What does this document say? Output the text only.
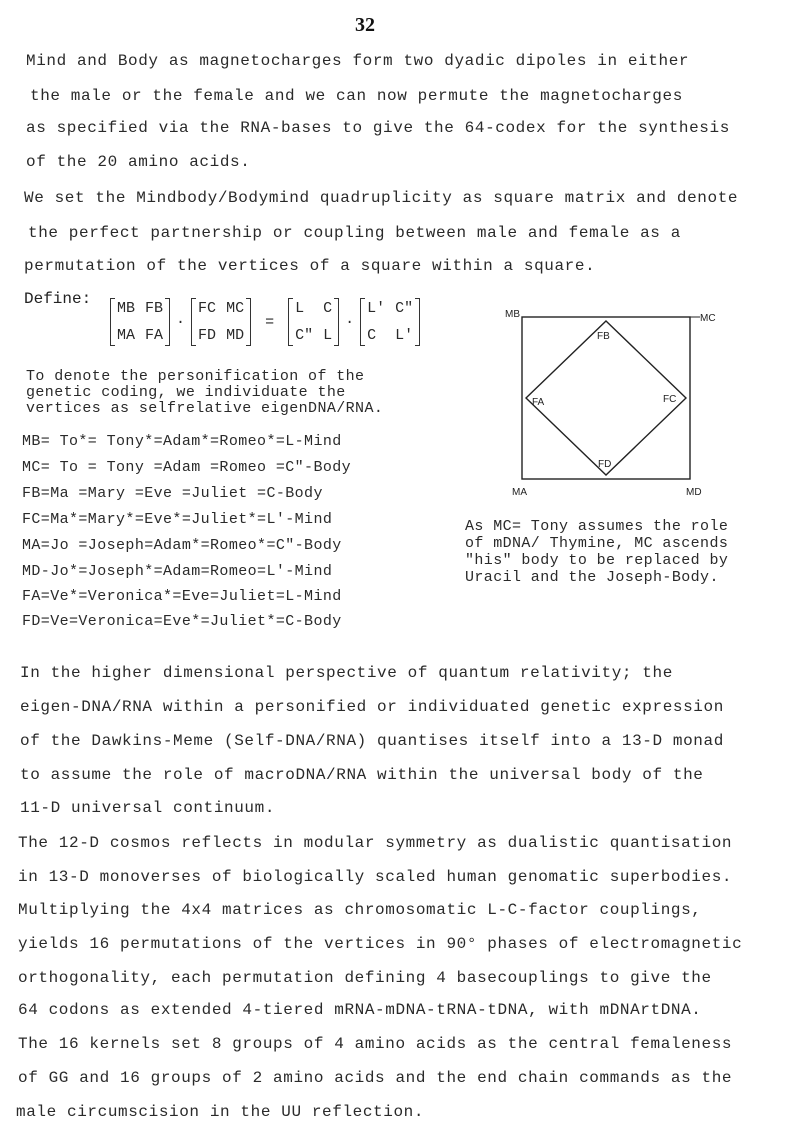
32
Mind and Body as magnetocharges form two dyadic dipoles in either
the male or the female and we can now permute the magnetocharges
as specified via the RNA-bases to give the 64-codex for the synthesis
of the 20 amino acids.
We set the Mindbody/Bodymind quadruplicity as square matrix and denote
the perfect partnership or coupling between male and female as a
permutation of the vertices of a square within a square.
Define:
MB FB
MA FA
·
FC MC
FD MD
=
L	C
C" L
·
L' C"
C	L'
To denote the personification of the
genetic coding, we individuate the
vertices as selfrelative eigenDNA/RNA.
MB= To*= Tony*=Adam*=Romeo*=L-Mind
MC= To = Tony =Adam =Romeo =C"-Body
FB=Ma =Mary =Eve =Juliet =C-Body
FC=Ma*=Mary*=Eve*=Juliet*=L'-Mind
MA=Jo =Joseph=Adam*=Romeo*=C"-Body
MD-Jo*=Joseph*=Adam=Romeo=L'-Mind
FA=Ve*=Veronica*=Eve=Juliet=L-Mind
FD=Ve=Veronica=Eve*=Juliet*=C-Body
MB	MC
MA	MD
FB
FA	FC
FD
As MC= Tony assumes the role
of mDNA/ Thymine, MC ascends
"his" body to be replaced by
Uracil and the Joseph-Body.
In the higher dimensional perspective of quantum relativity; the
eigen-DNA/RNA within a personified or individuated genetic expression
of the Dawkins-Meme (Self-DNA/RNA) quantises itself into a 13-D monad
to assume the role of macroDNA/RNA within the universal body of the
11-D universal continuum.
The 12-D cosmos reflects in modular symmetry as dualistic quantisation
in 13-D monoverses of biologically scaled human genomatic superbodies.
Multiplying the 4x4 matrices as chromosomatic L-C-factor couplings,
yields 16 permutations of the vertices in 90° phases of electromagnetic
orthogonality, each permutation defining 4 basecouplings to give the
64 codons as extended 4-tiered mRNA-mDNA-tRNA-tDNA, with mDNArtDNA.
The 16 kernels set 8 groups of 4 amino acids as the central femaleness
of GG and 16 groups of 2 amino acids and the end chain commands as the
male circumscision in the UU reflection.
